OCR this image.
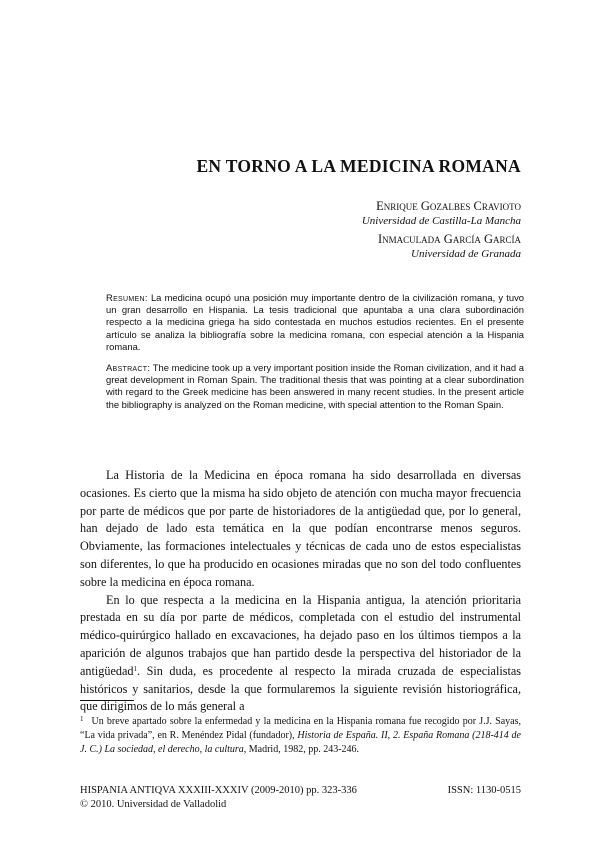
EN TORNO A LA MEDICINA ROMANA
Enrique Gozalbes Cravioto
Universidad de Castilla-La Mancha
Inmaculada García García
Universidad de Granada
Resumen: La medicina ocupó una posición muy importante dentro de la civilización romana, y tuvo un gran desarrollo en Hispania. La tesis tradicional que apuntaba a una clara subordinación respecto a la medicina griega ha sido contestada en muchos estudios recientes. En el presente artículo se analiza la bibliografía sobre la medicina romana, con especial atención a la Hispania romana.
Abstract: The medicine took up a very important position inside the Roman civilization, and it had a great development in Roman Spain. The traditional thesis that was pointing at a clear subordination with regard to the Greek medicine has been answered in many recent studies. In the present article the bibliography is analyzed on the Roman medicine, with special attention to the Roman Spain.

La Historia de la Medicina en época romana ha sido desarrollada en diversas ocasiones. Es cierto que la misma ha sido objeto de atención con mucha mayor frecuencia por parte de médicos que por parte de historiadores de la antigüedad que, por lo general, han dejado de lado esta temática en la que podían encontrarse menos seguros. Obviamente, las formaciones intelectuales y técnicas de cada uno de estos especialistas son diferentes, lo que ha producido en ocasiones miradas que no son del todo confluentes sobre la medicina en época romana.

En lo que respecta a la medicina en la Hispania antigua, la atención prioritaria prestada en su día por parte de médicos, completada con el estudio del instrumental médico-quirúrgico hallado en excavaciones, ha dejado paso en los últimos tiempos a la aparición de algunos trabajos que han partido desde la perspectiva del historiador de la antigüedad$^1$. Sin duda, es procedente al respecto la mirada cruzada de especialistas históricos y sanitarios, desde la que formularemos la siguiente revisión historiográfica, que dirigimos de lo más general a

$^1$ Un breve apartado sobre la enfermedad y la medicina en la Hispania romana fue recogido por J.J. Sayas, “La vida privada”, en R. Menéndez Pidal (fundador), Historia de España. II, 2. España Romana (218-414 de J. C.) La sociedad, el derecho, la cultura, Madrid, 1982, pp. 243-246.
HISPANIA ANTIQVA XXXIII-XXXIV (2009-2010) pp. 323-336	ISSN: 1130-0515
© 2010. Universidad de Valladolid
